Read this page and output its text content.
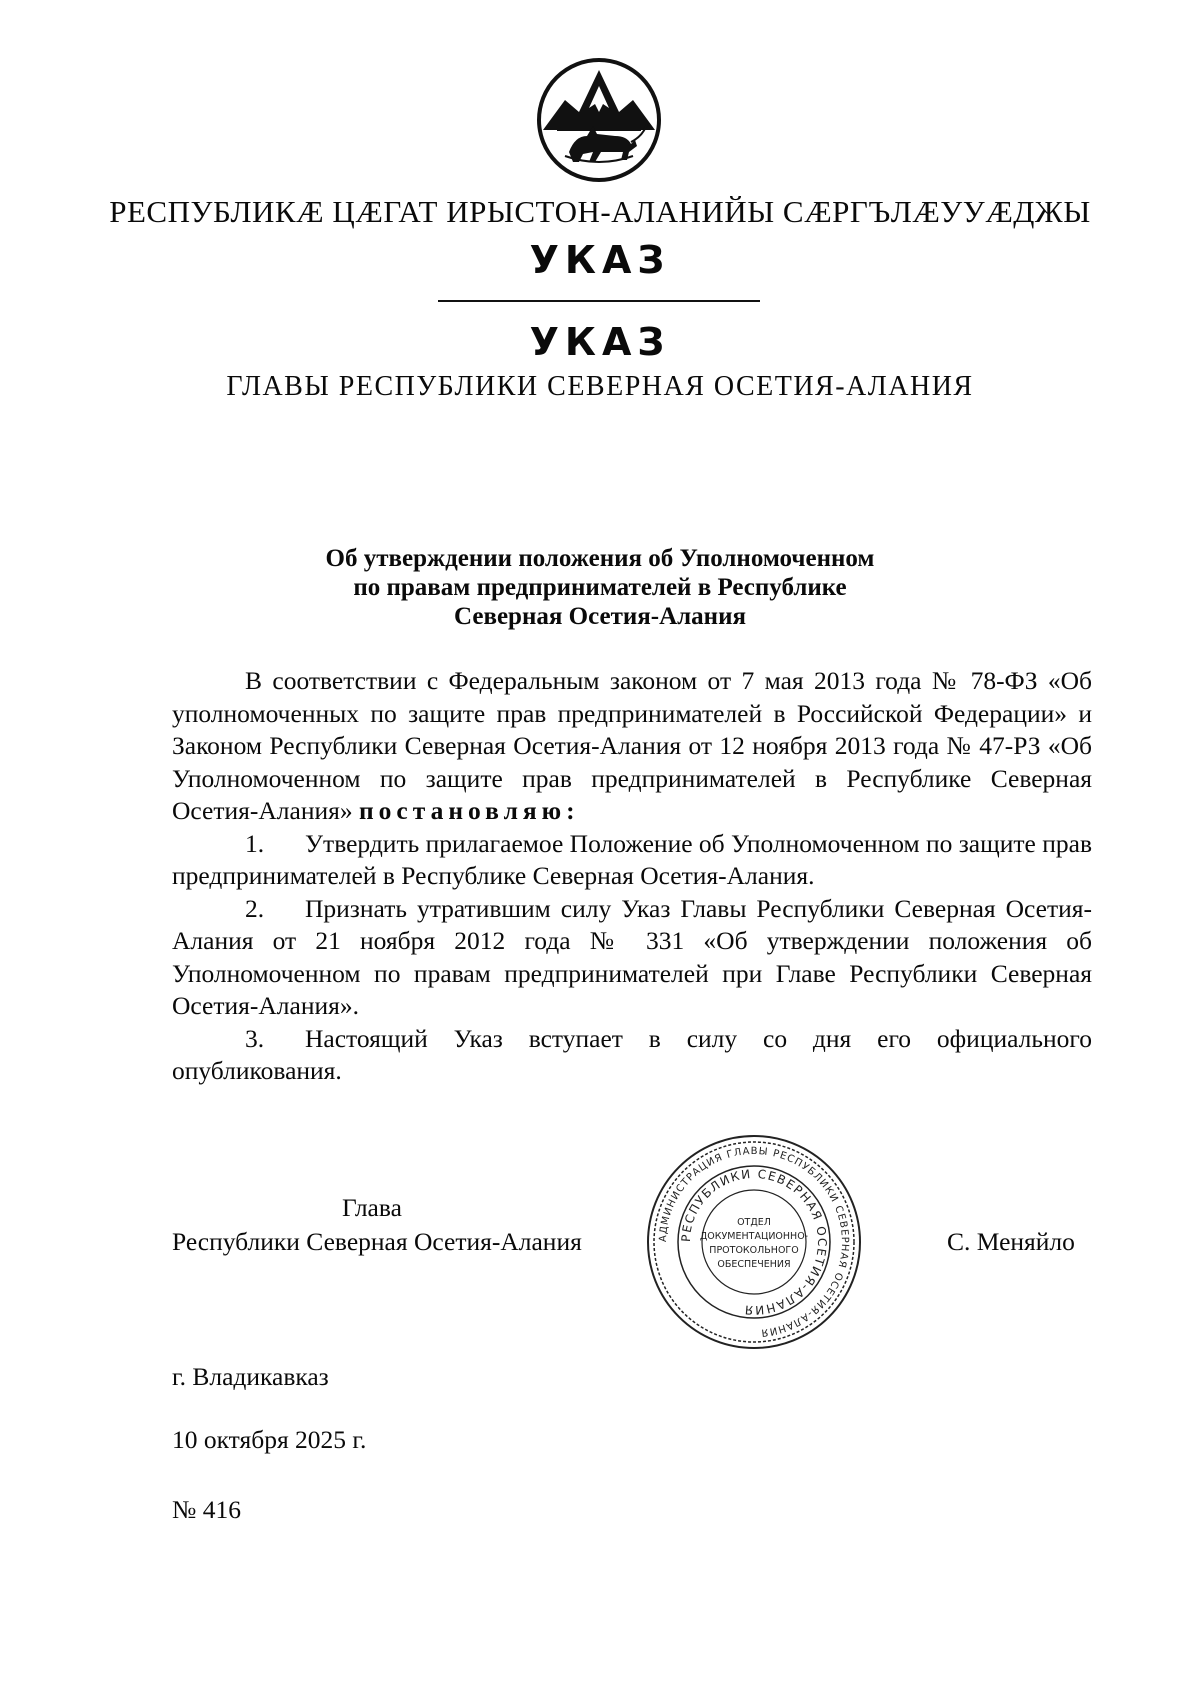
РЕСПУБЛИКӔ ЦӔГАТ ИРЫСТОН-АЛАНИЙЫ СӔРГЪЛӔУУӔДЖЫ
УКАЗ
УКАЗ
ГЛАВЫ РЕСПУБЛИКИ СЕВЕРНАЯ ОСЕТИЯ-АЛАНИЯ
Об утверждении положения об Уполномоченном
по правам предпринимателей в Республике
Северная Осетия-Алания

В соответствии с Федеральным законом от 7 мая 2013 года № 78-ФЗ «Об уполномоченных по защите прав предпринимателей в Российской Федерации» и Законом Республики Северная Осетия-Алания от 12 ноября 2013 года № 47-РЗ «Об Уполномоченном по защите прав предпринимателей в Республике Северная Осетия-Алания» постановляю:

1. Утвердить прилагаемое Положение об Уполномоченном по защите прав предпринимателей в Республике Северная Осетия-Алания.

2. Признать утратившим силу Указ Главы Республики Северная Осетия-Алания от 21 ноября 2012 года № 331 «Об утверждении положения об Уполномоченном по правам предпринимателей при Главе Республики Северная Осетия-Алания».

3. Настоящий Указ вступает в силу со дня его официального опубликования.

Глава
Республики Северная Осетия-Алания	С. Меняйло
АДМИНИСТРАЦИЯ ГЛАВЫ РЕСПУБЛИКИ СЕВЕРНАЯ ОСЕТИЯ-АЛАНИЯ
РЕСПУБЛИКИ СЕВЕРНАЯ ОСЕТИЯ-АЛАНИЯ
ОТДЕЛ
ДОКУМЕНТАЦИОННО-
ПРОТОКОЛЬНОГО
ОБЕСПЕЧЕНИЯ
г. Владикавказ
10 октября 2025 г.
№ 416
